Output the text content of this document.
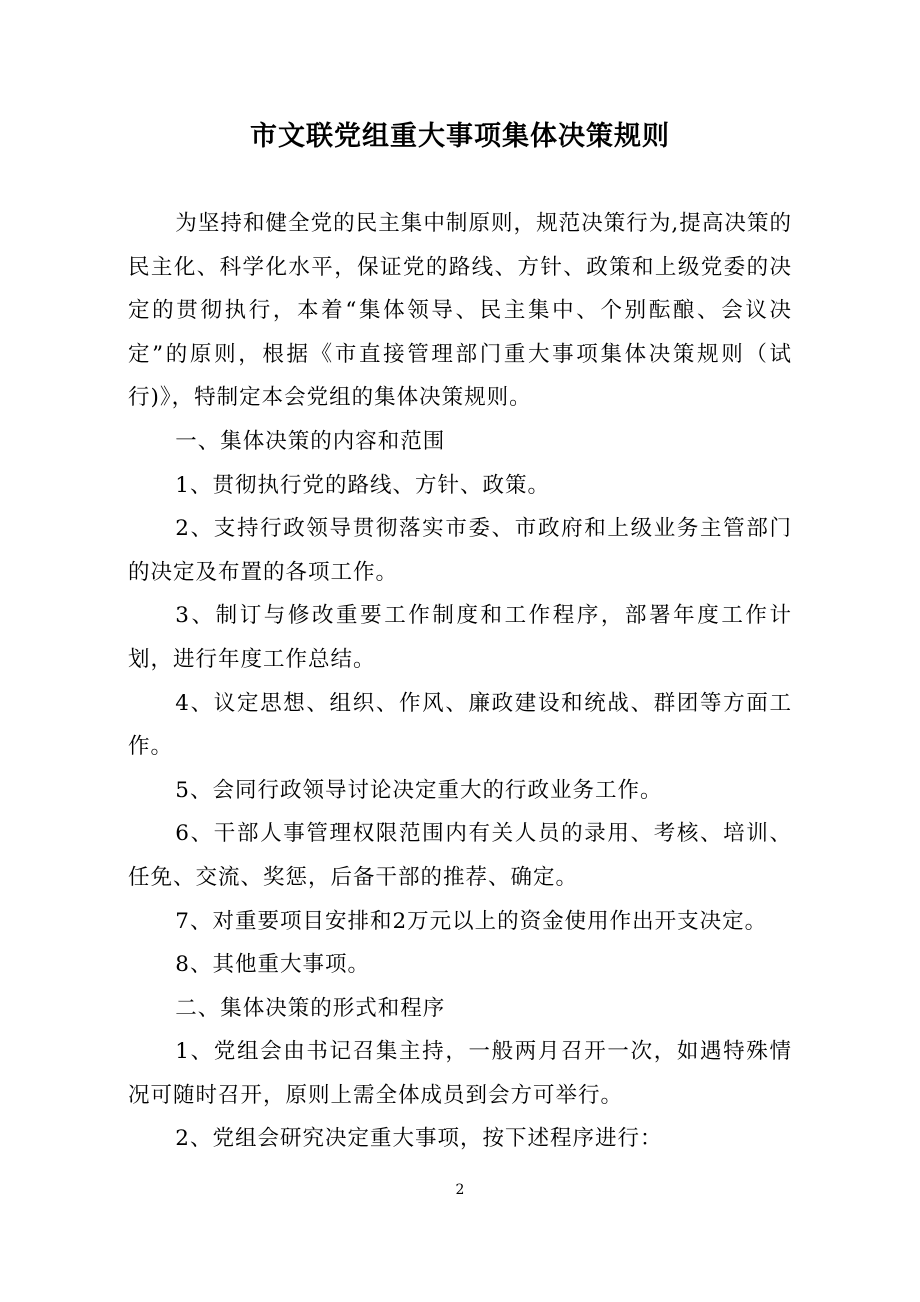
市文联党组重大事项集体决策规则

为坚持和健全党的民主集中制原则，规范决策行为,提高决策的民主化、科学化水平，保证党的路线、方针、政策和上级党委的决定的贯彻执行，本着“集体领导、民主集中、个别酝酿、会议决定”的原则，根据《市直接管理部门重大事项集体决策规则（试行)》，特制定本会党组的集体决策规则。

一、集体决策的内容和范围

1、贯彻执行党的路线、方针、政策。

2、支持行政领导贯彻落实市委、市政府和上级业务主管部门的决定及布置的各项工作。

3、制订与修改重要工作制度和工作程序，部署年度工作计划，进行年度工作总结。

4、议定思想、组织、作风、廉政建设和统战、群团等方面工作。

5、会同行政领导讨论决定重大的行政业务工作。

6、干部人事管理权限范围内有关人员的录用、考核、培训、任免、交流、奖惩，后备干部的推荐、确定。

7、对重要项目安排和2万元以上的资金使用作出开支决定。

8、其他重大事项。

二、集体决策的形式和程序

1、党组会由书记召集主持，一般两月召开一次，如遇特殊情况可随时召开，原则上需全体成员到会方可举行。

2、党组会研究决定重大事项，按下述程序进行：

2
